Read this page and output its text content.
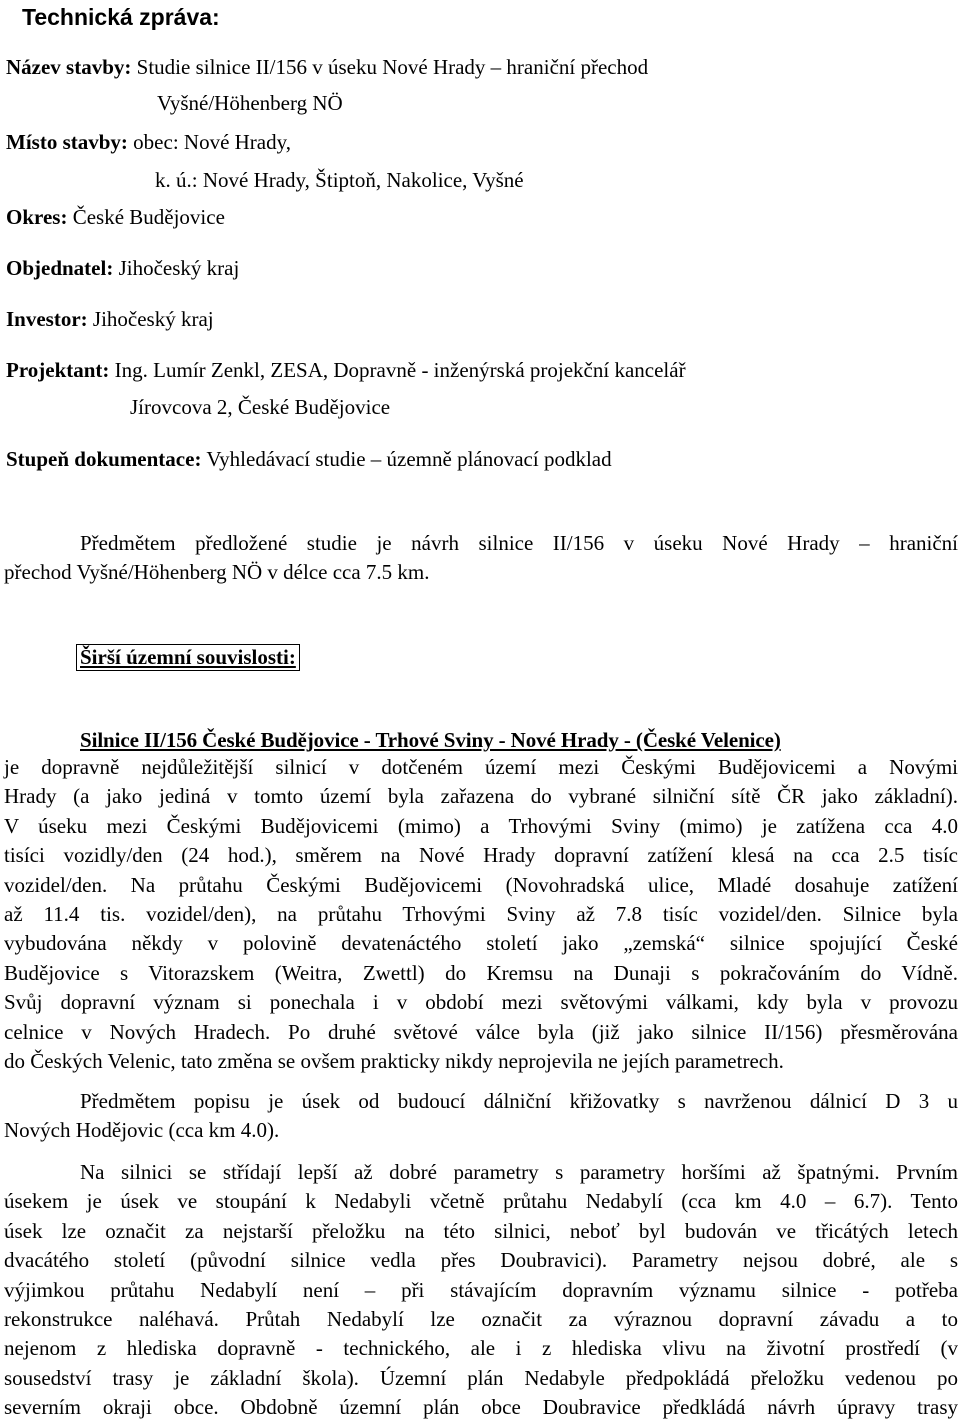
Technická zpráva:
Název stavby: Studie silnice II/156 v úseku Nové Hrady – hraniční přechod
Vyšné/Höhenberg NÖ
Místo stavby: obec: Nové Hrady,
k. ú.: Nové Hrady, Štiptoň, Nakolice, Vyšné
Okres: České Budějovice
Objednatel: Jihočeský kraj
Investor: Jihočeský kraj
Projektant: Ing. Lumír Zenkl, ZESA, Dopravně - inženýrská projekční kancelář
Jírovcova 2, České Budějovice
Stupeň dokumentace: Vyhledávací studie – územně plánovací podklad
Předmětem předložené studie je návrh silnice II/156 v úseku Nové Hrady – hraniční
přechod Vyšné/Höhenberg NÖ v délce cca 7.5 km.
Širší územní souvislosti:
Silnice II/156 České Budějovice - Trhové Sviny - Nové Hrady - (České Velenice)
je dopravně nejdůležitější silnicí v dotčeném území mezi Českými Budějovicemi a Novými
Hrady (a jako jediná v tomto území byla zařazena do vybrané silniční sítě ČR jako základní).
V úseku mezi Českými Budějovicemi (mimo) a Trhovými Sviny (mimo) je zatížena cca 4.0
tisíci vozidly/den (24 hod.), směrem na Nové Hrady dopravní zatížení klesá na cca 2.5 tisíc
vozidel/den. Na průtahu Českými Budějovicemi (Novohradská ulice, Mladé dosahuje zatížení
až 11.4 tis. vozidel/den), na průtahu Trhovými Sviny až 7.8 tisíc vozidel/den. Silnice byla
vybudována někdy v polovině devatenáctého století jako „zemská“ silnice spojující České
Budějovice s Vitorazskem (Weitra, Zwettl) do Kremsu na Dunaji s pokračováním do Vídně.
Svůj dopravní význam si ponechala i v období mezi světovými válkami, kdy byla v provozu
celnice v Nových Hradech. Po druhé světové válce byla (již jako silnice II/156) přesměrována
do Českých Velenic, tato změna se ovšem prakticky nikdy neprojevila ne jejích parametrech.
Předmětem popisu je úsek od budoucí dálniční křižovatky s navrženou dálnicí D 3 u
Nových Hodějovic (cca km 4.0).
Na silnici se střídají lepší až dobré parametry s parametry horšími až špatnými. Prvním
úsekem je úsek ve stoupání k Nedabyli včetně průtahu Nedabylí (cca km 4.0 – 6.7). Tento
úsek lze označit za nejstarší přeložku na této silnici, neboť byl budován ve třicátých letech
dvacátého století (původní silnice vedla přes Doubravici). Parametry nejsou dobré, ale s
výjimkou průtahu Nedabylí není – při stávajícím dopravním významu silnice - potřeba
rekonstrukce naléhavá. Průtah Nedabylí lze označit za výraznou dopravní závadu a to
nejenom z hlediska dopravně - technického, ale i z hlediska vlivu na životní prostředí (v
sousedství trasy je základní škola). Územní plán Nedabyle předpokládá přeložku vedenou po
severním okraji obce. Obdobně územní plán obce Doubravice předkládá návrh úpravy trasy
